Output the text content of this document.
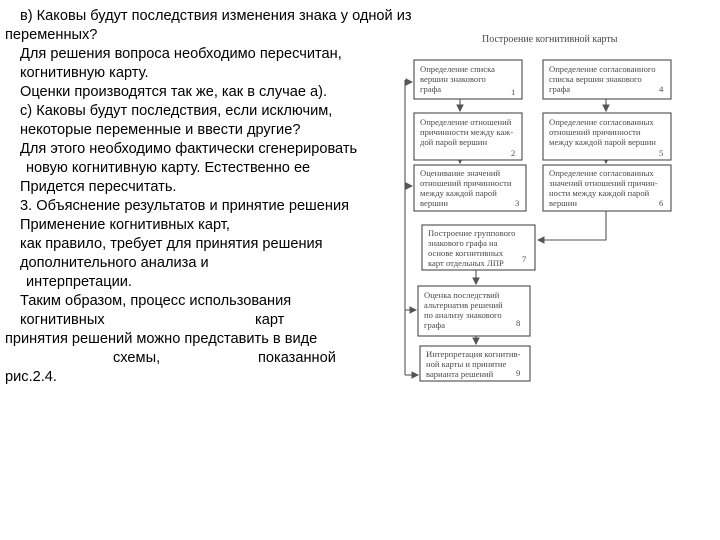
в) Каковы будут последствия изменения знака у одной из
переменных?
Для решения вопроса необходимо пересчитан,
когнитивную карту.
Оценки производятся так же, как в случае а).
с) Каковы будут последствия, если исключим,
некоторые переменные и ввести другие?
Для этого необходимо фактически сгенерировать
новую когнитивную карту. Естественно ее
Придется пересчитать.
3. Объяснение результатов и принятие решения
Применение когнитивных карт,
как правило, требует для принятия решения
дополнительного анализа и
интерпретации.
Таким образом, процесс использования
когнитивных	карт
принятия решений можно представить в виде
схемы,	показанной
рис.2.4.
Построение когнитивной карты
Определение списка
вершин знакового
графа	1
Определение отношений
причинности между каж-
дой парой вершин
2
Оценивание значений
отношений причинности
между каждой парой
вершин	3
Определение согласованного
списка вершин знакового
графа	4
Определение согласованных
отношений причинности
между каждой парой вершин
5
Определение согласованных
значений отношений причин-
ности между каждой парой
вершин	6
Построение группового
знакового графа на
основе когнитивных
карт отдельных ЛПР 7
Оценка последствий
альтернатив решений
по анализу знакового
графа	8
Интерпретация когнитив-
ной карты и принятие
варианта решений	9
